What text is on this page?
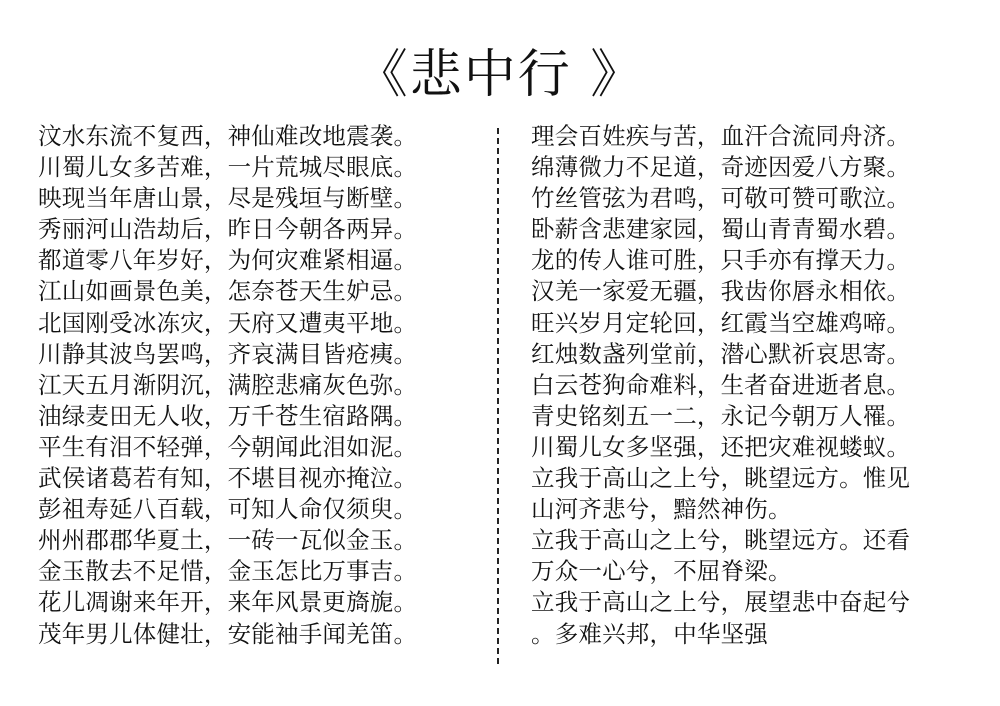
《悲中行 》
汶水东流不复西，神仙难改地震袭。
川蜀儿女多苦难，一片荒城尽眼底。
映现当年唐山景，尽是残垣与断壁。
秀丽河山浩劫后，昨日今朝各两异。
都道零八年岁好，为何灾难紧相逼。
江山如画景色美，怎奈苍天生妒忌。
北国刚受冰冻灾，天府又遭夷平地。
川静其波鸟罢鸣，齐哀满目皆疮痍。
江天五月渐阴沉，满腔悲痛灰色弥。
油绿麦田无人收，万千苍生宿路隅。
平生有泪不轻弹，今朝闻此泪如泥。
武侯诸葛若有知，不堪目视亦掩泣。
彭祖寿延八百载，可知人命仅须臾。
州州郡郡华夏土，一砖一瓦似金玉。
金玉散去不足惜，金玉怎比万事吉。
花儿凋谢来年开，来年风景更旖旎。
茂年男儿体健壮，安能袖手闻羌笛。
理会百姓疾与苦，血汗合流同舟济。
绵薄微力不足道，奇迹因爱八方聚。
竹丝管弦为君鸣，可敬可赞可歌泣。
卧薪含悲建家园，蜀山青青蜀水碧。
龙的传人谁可胜，只手亦有撑天力。
汉羌一家爱无疆，我齿你唇永相依。
旺兴岁月定轮回，红霞当空雄鸡啼。
红烛数盏列堂前，潜心默祈哀思寄。
白云苍狗命难料，生者奋进逝者息。
青史铭刻五一二，永记今朝万人罹。
川蜀儿女多坚强，还把灾难视蝼蚁。
立我于高山之上兮，眺望远方。惟见
山河齐悲兮，黯然神伤。
立我于高山之上兮，眺望远方。还看
万众一心兮，不屈脊梁。
立我于高山之上兮，展望悲中奋起兮
。多难兴邦，中华坚强
